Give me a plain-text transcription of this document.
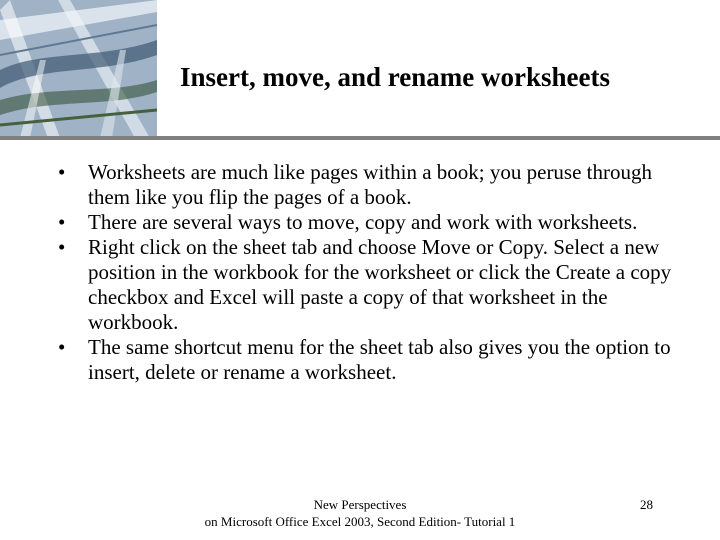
Insert, move, and rename worksheets
•	Worksheets are much like pages within a book; you peruse through them like you flip the pages of a book.
•	There are several ways to move, copy and work with worksheets.
•	Right click on the sheet tab and choose Move or Copy. Select a new position in the workbook for the worksheet or click the Create a copy checkbox and Excel will paste a copy of that worksheet in the workbook.
•	The same shortcut menu for the sheet tab also gives you the option to insert, delete or rename a worksheet.
New Perspectives
on Microsoft Office Excel 2003, Second Edition- Tutorial 1
28
